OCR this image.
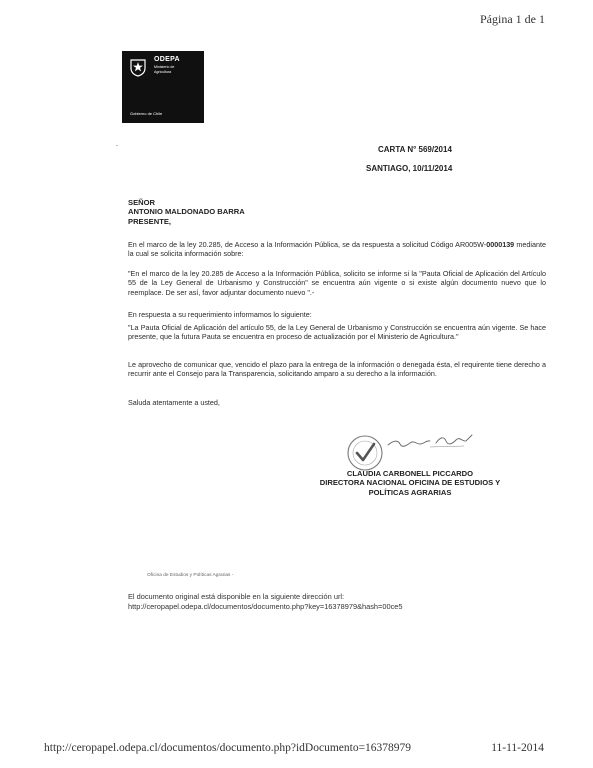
Página 1 de 1
ODEPA
Ministerio de
Agricultura
Gobierno de Chile
CARTA N° 569/2014
SANTIAGO, 10/11/2014
SEÑOR
ANTONIO MALDONADO BARRA
PRESENTE,
En el marco de la ley 20.285, de Acceso a la Información Pública, se da respuesta a solicitud Código AR005W-0000139 mediante la cual se solicita información sobre:
"En el marco de la ley 20.285 de Acceso a la Información Pública, solicito se informe si la "Pauta Oficial de Aplicación del Artículo 55 de la Ley General de Urbanismo y Construcción" se encuentra aún vigente o si existe algún documento nuevo que lo reemplace. De ser así, favor adjuntar documento nuevo ".-
En respuesta a su requerimiento informamos lo siguiente:
"La Pauta Oficial de Aplicación del artículo 55, de la Ley General de Urbanismo y Construcción se encuentra aún vigente. Se hace presente, que la futura Pauta se encuentra en proceso de actualización por el Ministerio de Agricultura."
Le aprovecho de comunicar que, vencido el plazo para la entrega de la información o denegada ésta, el requirente tiene derecho a recurrir ante el Consejo para la Transparencia, solicitando amparo a su derecho a la información.
Saluda atentamente a usted,
CLAUDIA CARBONELL PICCARDO
DIRECTORA NACIONAL OFICINA DE ESTUDIOS Y
POLÍTICAS AGRARIAS
Oficina de Estudios y Políticas Agrarias -
El documento original está disponible en la siguiente dirección url:
http://ceropapel.odepa.cl/documentos/documento.php?key=16378979&hash=00ce5
http://ceropapel.odepa.cl/documentos/documento.php?idDocumento=16378979	11-11-2014
